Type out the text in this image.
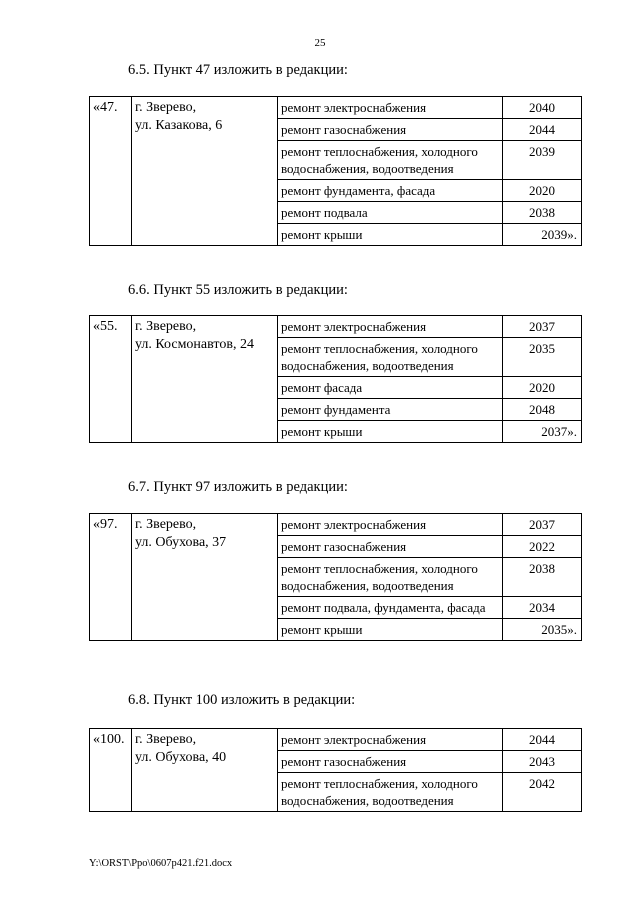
25
6.5. Пункт 47 изложить в редакции:
«47.	г. Зверево,
ул. Казакова, 6	ремонт электроснабжения	2040
		ремонт газоснабжения	2044
		ремонт теплоснабжения, холодного водоснабжения, водоотведения	2039
		ремонт фундамента, фасада	2020
		ремонт подвала	2038
		ремонт крыши	2039».
6.6. Пункт 55 изложить в редакции:
«55.	г. Зверево,
ул. Космонавтов, 24	ремонт электроснабжения	2037
		ремонт теплоснабжения, холодного водоснабжения, водоотведения	2035
		ремонт фасада	2020
		ремонт фундамента	2048
		ремонт крыши	2037».
6.7. Пункт 97 изложить в редакции:
«97.	г. Зверево,
ул. Обухова, 37	ремонт электроснабжения	2037
		ремонт газоснабжения	2022
		ремонт теплоснабжения, холодного водоснабжения, водоотведения	2038
		ремонт подвала, фундамента, фасада	2034
		ремонт крыши	2035».
6.8. Пункт 100 изложить в редакции:
«100.	г. Зверево,
ул. Обухова, 40	ремонт электроснабжения	2044
		ремонт газоснабжения	2043
		ремонт теплоснабжения, холодного водоснабжения, водоотведения	2042
Y:\ORST\Ppo\0607p421.f21.docx
